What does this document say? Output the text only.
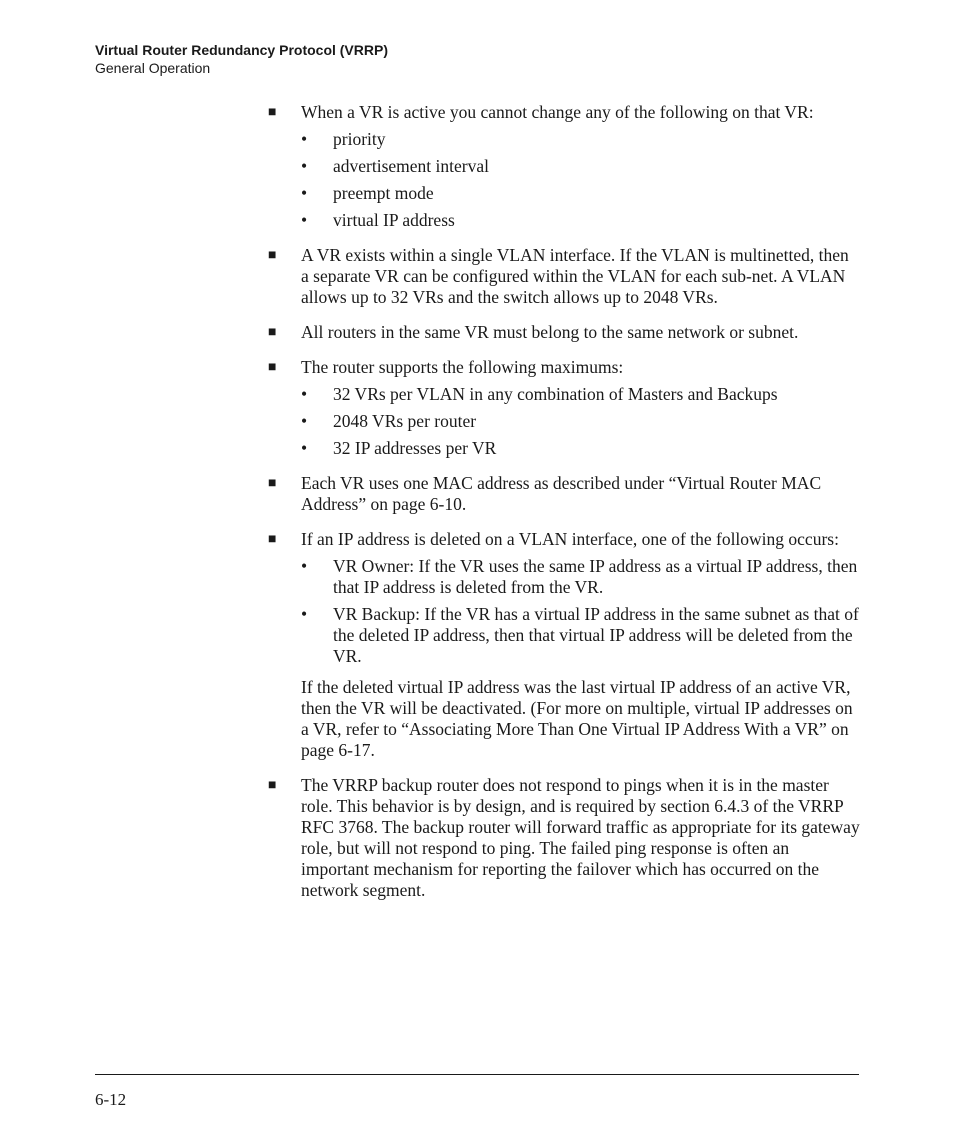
Virtual Router Redundancy Protocol (VRRP)
General Operation
■ When a VR is active you cannot change any of the following on that VR:
• priority
• advertisement interval
• preempt mode
• virtual IP address
■ A VR exists within a single VLAN interface. If the VLAN is multinetted, then a separate VR can be configured within the VLAN for each sub-net. A VLAN allows up to 32 VRs and the switch allows up to 2048 VRs.
■ All routers in the same VR must belong to the same network or subnet.
■ The router supports the following maximums:
• 32 VRs per VLAN in any combination of Masters and Backups
• 2048 VRs per router
• 32 IP addresses per VR
■ Each VR uses one MAC address as described under “Virtual Router MAC Address” on page 6-10.
■ If an IP address is deleted on a VLAN interface, one of the following occurs:
• VR Owner: If the VR uses the same IP address as a virtual IP address, then that IP address is deleted from the VR.
• VR Backup: If the VR has a virtual IP address in the same subnet as that of the deleted IP address, then that virtual IP address will be deleted from the VR.
If the deleted virtual IP address was the last virtual IP address of an active VR, then the VR will be deactivated. (For more on multiple, virtual IP addresses on a VR, refer to “Associating More Than One Virtual IP Address With a VR” on page 6-17.
■ The VRRP backup router does not respond to pings when it is in the master role. This behavior is by design, and is required by section 6.4.3 of the VRRP RFC 3768. The backup router will forward traffic as appropriate for its gateway role, but will not respond to ping. The failed ping response is often an important mechanism for reporting the failover which has occurred on the network segment.
6-12
